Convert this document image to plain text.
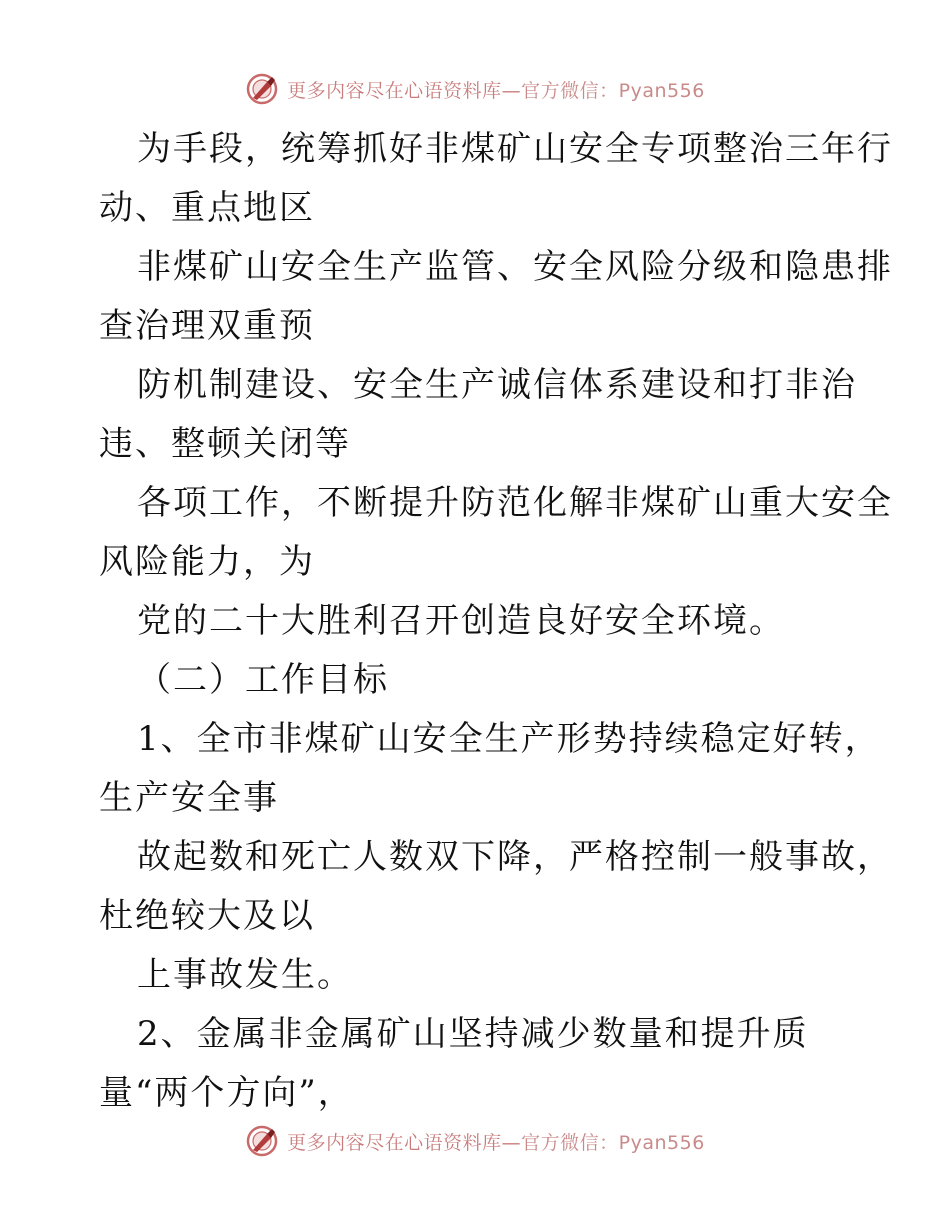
更多内容尽在心语资料库—官方微信：Pyan556

为手段，统筹抓好非煤矿山安全专项整治三年行
动、重点地区

非煤矿山安全生产监管、安全风险分级和隐患排
查治理双重预

防机制建设、安全生产诚信体系建设和打非治
违、整顿关闭等

各项工作，不断提升防范化解非煤矿山重大安全
风险能力，为

党的二十大胜利召开创造良好安全环境。

（二）工作目标

1、全市非煤矿山安全生产形势持续稳定好转，
生产安全事

故起数和死亡人数双下降，严格控制一般事故，
杜绝较大及以

上事故发生。

2、金属非金属矿山坚持减少数量和提升质
量“两个方向”，

更多内容尽在心语资料库—官方微信：Pyan556
